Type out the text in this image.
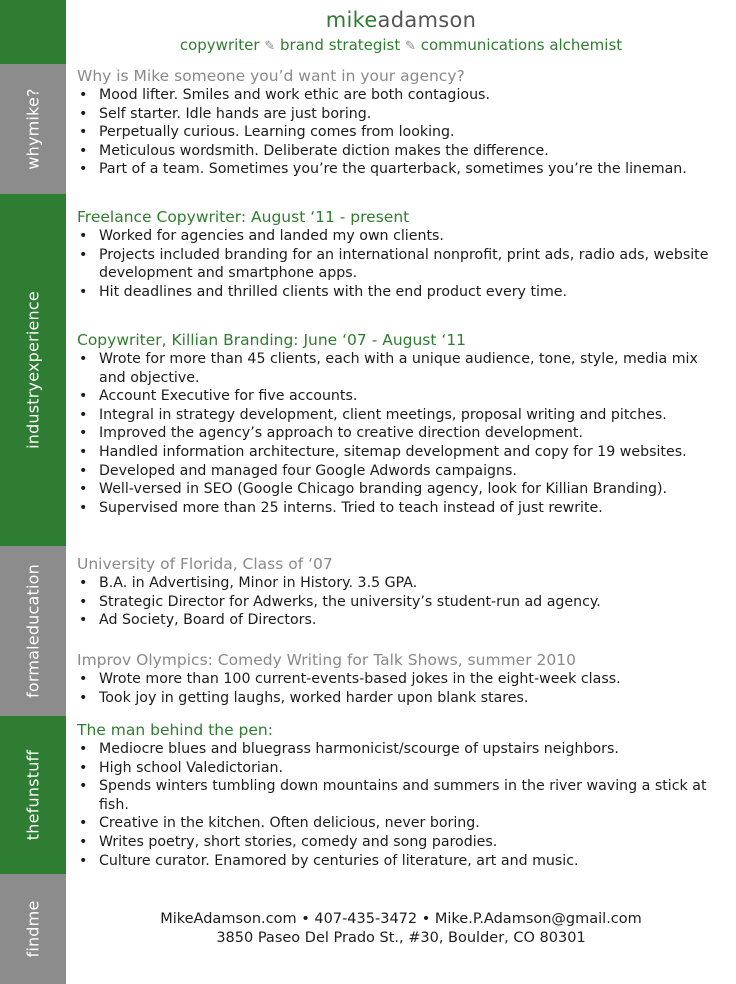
whymike?
industryexperience
formaleducation
thefunstuff
findme
mikeadamson
copywriter ✎ brand strategist ✎ communications alchemist
Why is Mike someone you’d want in your agency?
• Mood lifter. Smiles and work ethic are both contagious.
• Self starter. Idle hands are just boring.
• Perpetually curious. Learning comes from looking.
• Meticulous wordsmith. Deliberate diction makes the difference.
• Part of a team. Sometimes you’re the quarterback, sometimes you’re the lineman.
Freelance Copywriter: August ‘11 - present
• Worked for agencies and landed my own clients.
• Projects included branding for an international nonprofit, print ads, radio ads, website development and smartphone apps.
• Hit deadlines and thrilled clients with the end product every time.
Copywriter, Killian Branding: June ‘07 - August ‘11
• Wrote for more than 45 clients, each with a unique audience, tone, style, media mix and objective.
• Account Executive for five accounts.
• Integral in strategy development, client meetings, proposal writing and pitches.
• Improved the agency’s approach to creative direction development.
• Handled information architecture, sitemap development and copy for 19 websites.
• Developed and managed four Google Adwords campaigns.
• Well-versed in SEO (Google Chicago branding agency, look for Killian Branding).
• Supervised more than 25 interns. Tried to teach instead of just rewrite.
University of Florida, Class of ‘07
• B.A. in Advertising, Minor in History. 3.5 GPA.
• Strategic Director for Adwerks, the university’s student-run ad agency.
• Ad Society, Board of Directors.
Improv Olympics: Comedy Writing for Talk Shows, summer 2010
• Wrote more than 100 current-events-based jokes in the eight-week class.
• Took joy in getting laughs, worked harder upon blank stares.
The man behind the pen:
• Mediocre blues and bluegrass harmonicist/scourge of upstairs neighbors.
• High school Valedictorian.
• Spends winters tumbling down mountains and summers in the river waving a stick at fish.
• Creative in the kitchen. Often delicious, never boring.
• Writes poetry, short stories, comedy and song parodies.
• Culture curator. Enamored by centuries of literature, art and music.
MikeAdamson.com • 407-435-3472 • Mike.P.Adamson@gmail.com
3850 Paseo Del Prado St., #30, Boulder, CO 80301
